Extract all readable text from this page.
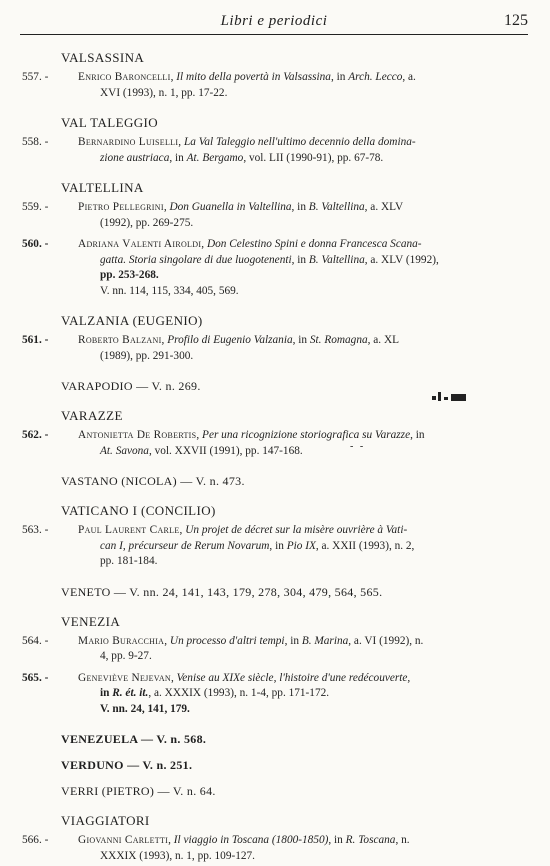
Libri e periodici	125
- -
VALSASSINA
557. -	Enrico Baroncelli, Il mito della povertà in Valsassina, in Arch. Lecco, a.
XVI (1993), n. 1, pp. 17-22.
VAL TALEGGIO
558. -	Bernardino Luiselli, La Val Taleggio nell'ultimo decennio della domina-
zione austriaca, in At. Bergamo, vol. LII (1990-91), pp. 67-78.
VALTELLINA
559. -	Pietro Pellegrini, Don Guanella in Valtellina, in B. Valtellina, a. XLV
(1992), pp. 269-275.
560. -	Adriana Valenti Airoldi, Don Celestino Spini e donna Francesca Scana-
gatta. Storia singolare di due luogotenenti, in B. Valtellina, a. XLV (1992),
pp. 253-268.
V. nn. 114, 115, 334, 405, 569.
VALZANIA (EUGENIO)
561. -	Roberto Balzani, Profilo di Eugenio Valzania, in St. Romagna, a. XL
(1989), pp. 291-300.
VARAPODIO — V. n. 269.
VARAZZE
562. -	Antonietta De Robertis, Per una ricognizione storiografica su Varazze, in
At. Savona, vol. XXVII (1991), pp. 147-168.
VASTANO (NICOLA) — V. n. 473.
VATICANO I (CONCILIO)
563. -	Paul Laurent Carle, Un projet de décret sur la misère ouvrière à Vati-
can I, précurseur de Rerum Novarum, in Pio IX, a. XXII (1993), n. 2,
pp. 181-184.
VENETO — V. nn. 24, 141, 143, 179, 278, 304, 479, 564, 565.
VENEZIA
564. -	Mario Buracchia, Un processo d'altri tempi, in B. Marina, a. VI (1992), n.
4, pp. 9-27.
565. -	Geneviève Nejevan, Venise au XIXe siècle, l'histoire d'une redécouverte,
in R. ét. it., a. XXXIX (1993), n. 1-4, pp. 171-172.
V. nn. 24, 141, 179.
VENEZUELA — V. n. 568.
VERDUNO — V. n. 251.
VERRI (PIETRO) — V. n. 64.
VIAGGIATORI
566. -	Giovanni Carletti, Il viaggio in Toscana (1800-1850), in R. Toscana, n.
XXXIX (1993), n. 1, pp. 109-127.
